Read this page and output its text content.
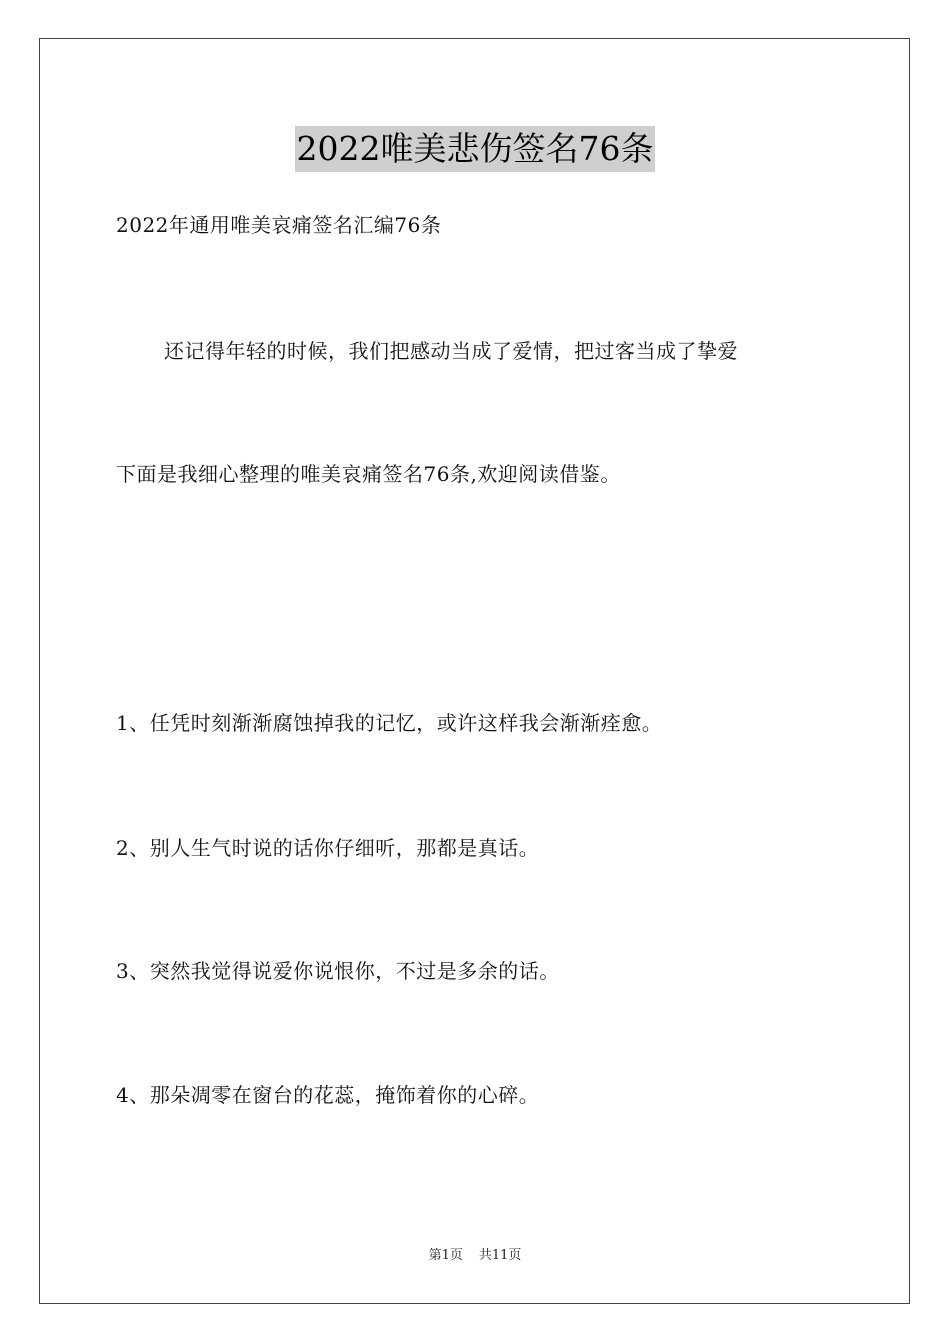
2022唯美悲伤签名76条
2022年通用唯美哀痛签名汇编76条
还记得年轻的时候，我们把感动当成了爱情，把过客当成了挚爱
下面是我细心整理的唯美哀痛签名76条,欢迎阅读借鉴。
1、任凭时刻渐渐腐蚀掉我的记忆，或许这样我会渐渐痊愈。
2、别人生气时说的话你仔细听，那都是真话。
3、突然我觉得说爱你说恨你，不过是多余的话。
4、那朵凋零在窗台的花蕊，掩饰着你的心碎。
第1页 共11页
